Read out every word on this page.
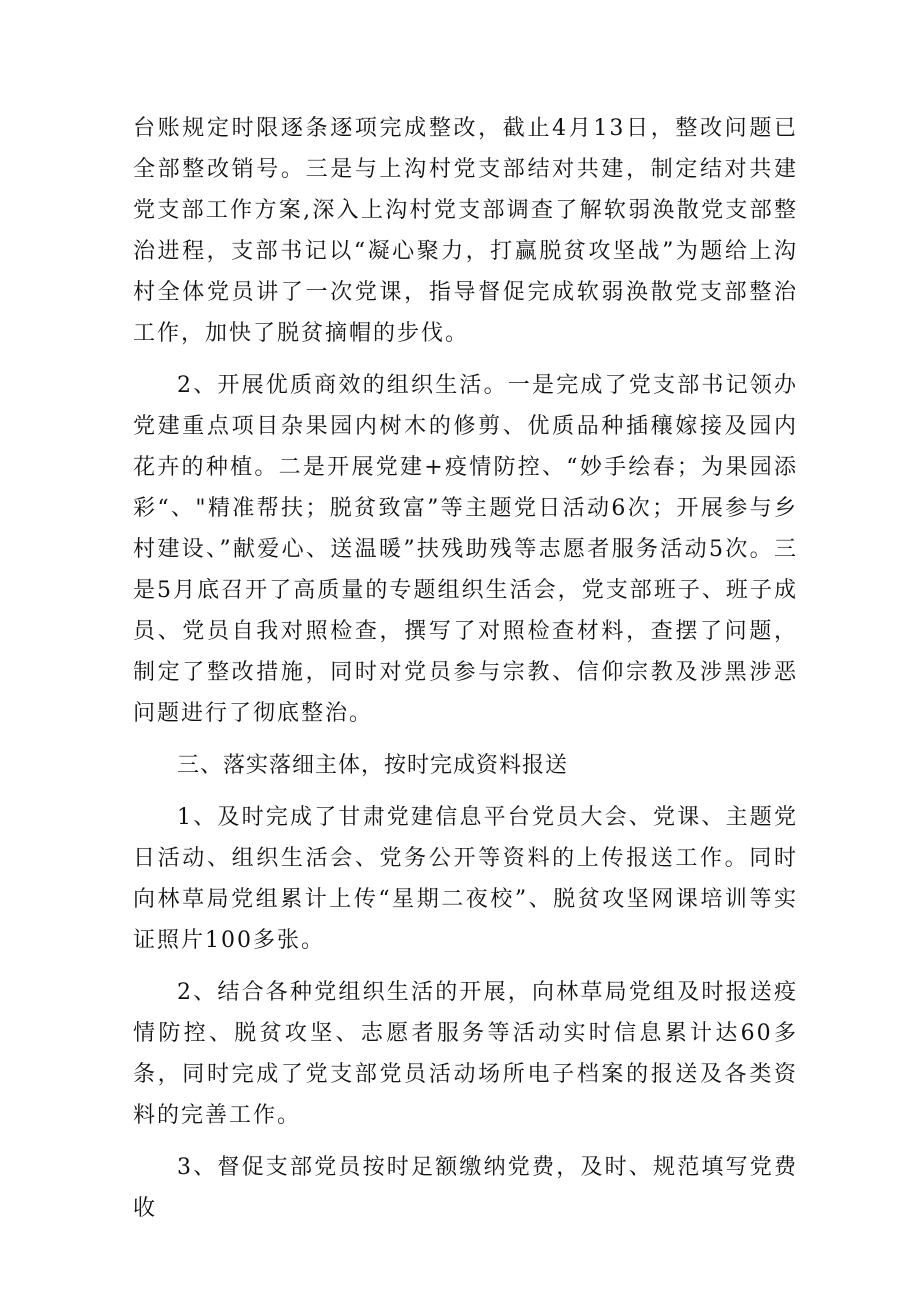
台账规定时限逐条逐项完成整改，截止4月13日，整改问题已全部整改销号。三是与上沟村党支部结对共建，制定结对共建党支部工作方案,深入上沟村党支部调查了解软弱涣散党支部整治进程，支部书记以“凝心聚力，打赢脱贫攻坚战”为题给上沟村全体党员讲了一次党课，指导督促完成软弱涣散党支部整治工作，加快了脱贫摘帽的步伐。

2、开展优质商效的组织生活。一是完成了党支部书记领办党建重点项目杂果园内树木的修剪、优质品种插穰嫁接及园内花卉的种植。二是开展党建+疫情防控、“妙手绘春；为果园添彩“、"精准帮扶；脱贫致富”等主题党日活动6次；开展参与乡村建设、”献爱心、送温暖”扶残助残等志愿者服务活动5次。三是5月底召开了高质量的专题组织生活会，党支部班子、班子成员、党员自我对照检查，撰写了对照检查材料，查摆了问题，制定了整改措施，同时对党员参与宗教、信仰宗教及涉黑涉恶问题进行了彻底整治。

三、落实落细主体，按时完成资料报送

1、及时完成了甘肃党建信息平台党员大会、党课、主题党日活动、组织生活会、党务公开等资料的上传报送工作。同时向林草局党组累计上传“星期二夜校”、脱贫攻坚网课培训等实证照片100多张。

2、结合各种党组织生活的开展，向林草局党组及时报送疫情防控、脱贫攻坚、志愿者服务等活动实时信息累计达60多条，同时完成了党支部党员活动场所电子档案的报送及各类资料的完善工作。

3、督促支部党员按时足额缴纳党费，及时、规范填写党费收
